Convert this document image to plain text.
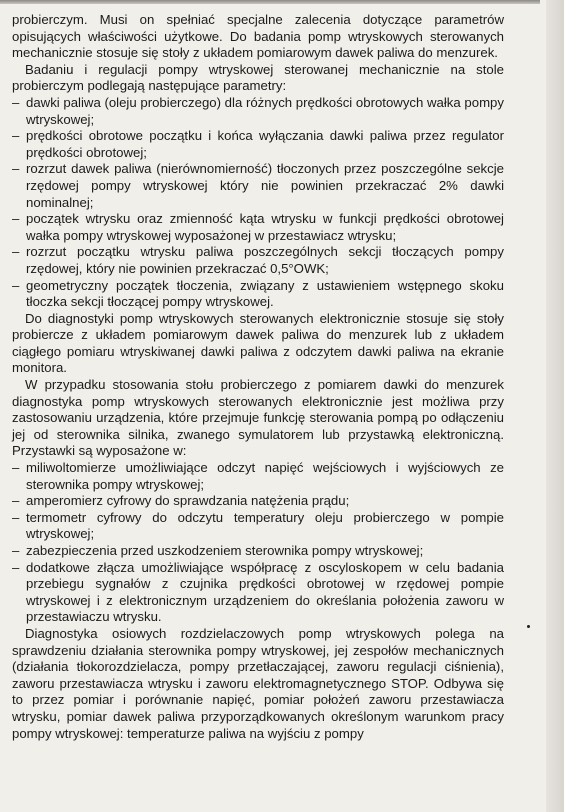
probierczym. Musi on spełniać specjalne zalecenia dotyczące parametrów opisujących właściwości użytkowe. Do badania pomp wtryskowych sterowanych mechanicznie stosuje się stoły z układem pomiarowym dawek paliwa do menzurek.

Badaniu i regulacji pompy wtryskowej sterowanej mechanicznie na stole probierczym podlegają następujące parametry:

– dawki paliwa (oleju probierczego) dla różnych prędkości obrotowych wałka pompy wtryskowej;
– prędkości obrotowe początku i końca wyłączania dawki paliwa przez regulator prędkości obrotowej;
– rozrzut dawek paliwa (nierównomierność) tłoczonych przez poszczególne sekcje rzędowej pompy wtryskowej który nie powinien przekraczać 2% dawki nominalnej;
– początek wtrysku oraz zmienność kąta wtrysku w funkcji prędkości obrotowej wałka pompy wtryskowej wyposażonej w przestawiacz wtrysku;
– rozrzut początku wtrysku paliwa poszczególnych sekcji tłoczących pompy rzędowej, który nie powinien przekraczać 0,5°OWK;
– geometryczny początek tłoczenia, związany z ustawieniem wstępnego skoku tłoczka sekcji tłoczącej pompy wtryskowej.

Do diagnostyki pomp wtryskowych sterowanych elektronicznie stosuje się stoły probiercze z układem pomiarowym dawek paliwa do menzurek lub z układem ciągłego pomiaru wtryskiwanej dawki paliwa z odczytem dawki paliwa na ekranie monitora.

W przypadku stosowania stołu probierczego z pomiarem dawki do menzurek diagnostyka pomp wtryskowych sterowanych elektronicznie jest możliwa przy zastosowaniu urządzenia, które przejmuje funkcję sterowania pompą po odłączeniu jej od sterownika silnika, zwanego symulatorem lub przystawką elektroniczną. Przystawki są wyposażone w:

– miliwoltomierze umożliwiające odczyt napięć wejściowych i wyjściowych ze sterownika pompy wtryskowej;
– amperomierz cyfrowy do sprawdzania natężenia prądu;
– termometr cyfrowy do odczytu temperatury oleju probierczego w pompie wtryskowej;
– zabezpieczenia przed uszkodzeniem sterownika pompy wtryskowej;
– dodatkowe złącza umożliwiające współpracę z oscyloskopem w celu badania przebiegu sygnałów z czujnika prędkości obrotowej w rzędowej pompie wtryskowej i z elektronicznym urządzeniem do określania położenia zaworu w przestawiaczu wtrysku.

Diagnostyka osiowych rozdzielaczowych pomp wtryskowych polega na sprawdzeniu działania sterownika pompy wtryskowej, jej zespołów mechanicznych (działania tłokorozdzielacza, pompy przetłaczającej, zaworu regulacji ciśnienia), zaworu przestawiacza wtrysku i zaworu elektromagnetycznego STOP. Odbywa się to przez pomiar i porównanie napięć, pomiar położeń zaworu przestawiacza wtrysku, pomiar dawek paliwa przyporządkowanych określonym warunkom pracy pompy wtryskowej: temperaturze paliwa na wyjściu z pompy
